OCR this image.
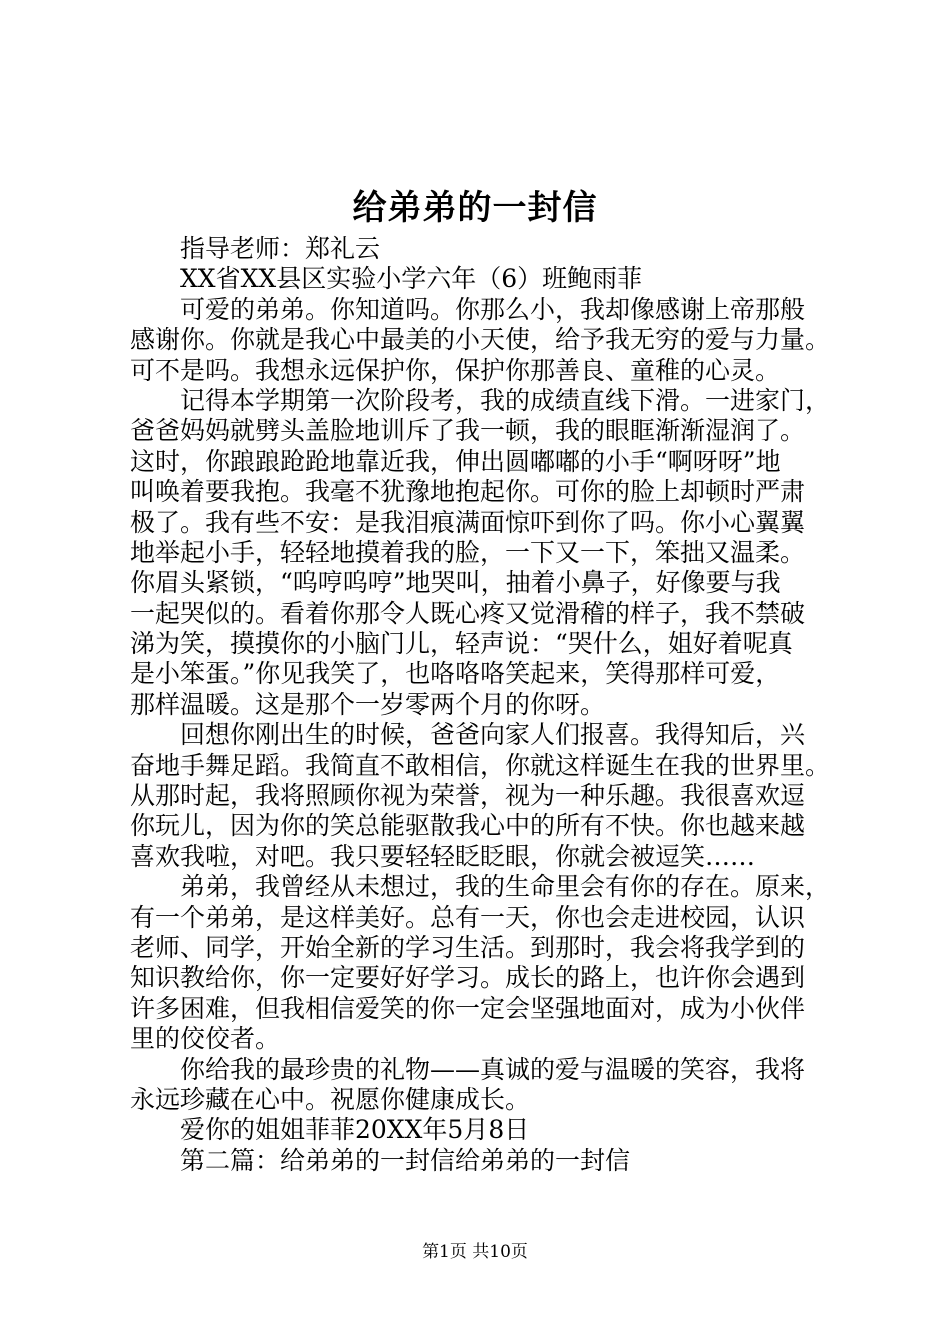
给弟弟的一封信
指导老师：郑礼云
XX省XX县区实验小学六年（6）班鲍雨菲
可爱的弟弟。你知道吗。你那么小，我却像感谢上帝那般
感谢你。你就是我心中最美的小天使，给予我无穷的爱与力量。
可不是吗。我想永远保护你，保护你那善良、童稚的心灵。
记得本学期第一次阶段考，我的成绩直线下滑。一进家门，
爸爸妈妈就劈头盖脸地训斥了我一顿，我的眼眶渐渐湿润了。
这时，你踉踉跄跄地靠近我，伸出圆嘟嘟的小手“啊呀呀”地
叫唤着要我抱。我毫不犹豫地抱起你。可你的脸上却顿时严肃
极了。我有些不安：是我泪痕满面惊吓到你了吗。你小心翼翼
地举起小手，轻轻地摸着我的脸，一下又一下，笨拙又温柔。
你眉头紧锁，“呜哼呜哼”地哭叫，抽着小鼻子，好像要与我
一起哭似的。看着你那令人既心疼又觉滑稽的样子，我不禁破
涕为笑，摸摸你的小脑门儿，轻声说：“哭什么，姐好着呢真
是小笨蛋。”你见我笑了，也咯咯咯笑起来，笑得那样可爱，
那样温暖。这是那个一岁零两个月的你呀。
回想你刚出生的时候，爸爸向家人们报喜。我得知后，兴
奋地手舞足蹈。我简直不敢相信，你就这样诞生在我的世界里。
从那时起，我将照顾你视为荣誉，视为一种乐趣。我很喜欢逗
你玩儿，因为你的笑总能驱散我心中的所有不快。你也越来越
喜欢我啦，对吧。我只要轻轻眨眨眼，你就会被逗笑……
弟弟，我曾经从未想过，我的生命里会有你的存在。原来，
有一个弟弟，是这样美好。总有一天，你也会走进校园，认识
老师、同学，开始全新的学习生活。到那时，我会将我学到的
知识教给你，你一定要好好学习。成长的路上，也许你会遇到
许多困难，但我相信爱笑的你一定会坚强地面对，成为小伙伴
里的佼佼者。
你给我的最珍贵的礼物——真诚的爱与温暖的笑容，我将
永远珍藏在心中。祝愿你健康成长。
爱你的姐姐菲菲20XX年5月8日
第二篇：给弟弟的一封信给弟弟的一封信
第1页 共10页
